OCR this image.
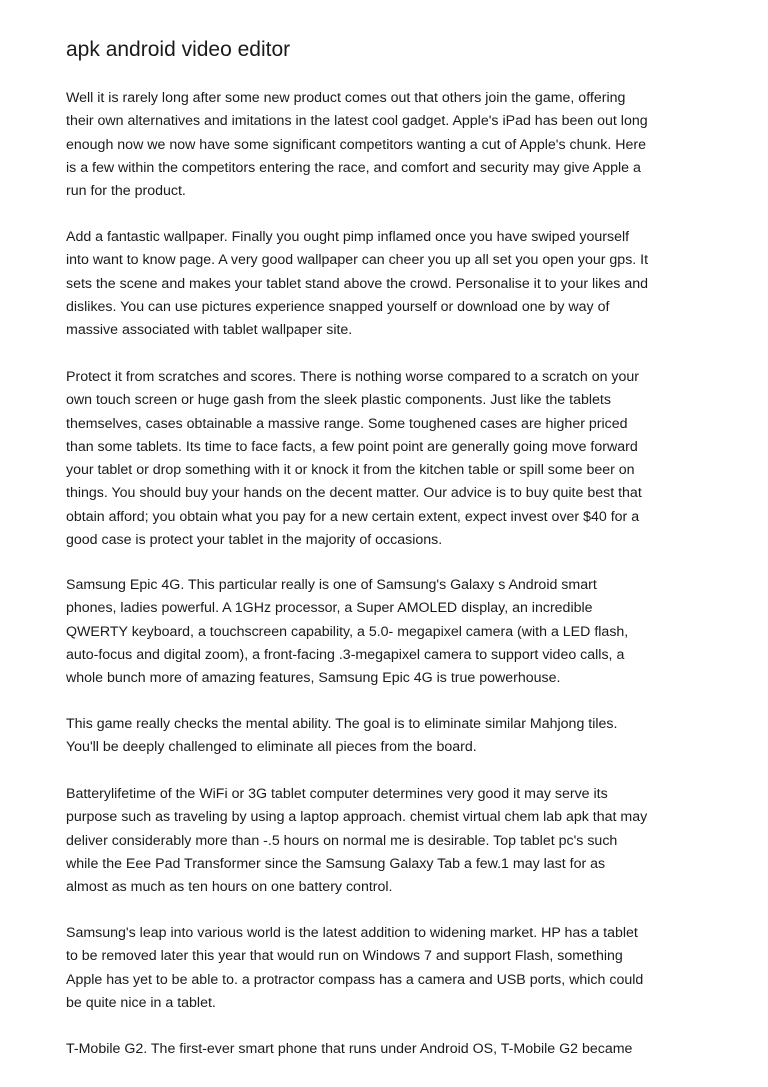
apk android video editor

Well it is rarely long after some new product comes out that others join the game, offering
their own alternatives and imitations in the latest cool gadget. Apple's iPad has been out long
enough now we now have some significant competitors wanting a cut of Apple's chunk. Here
is a few within the competitors entering the race, and comfort and security may give Apple a
run for the product.

Add a fantastic wallpaper. Finally you ought pimp inflamed once you have swiped yourself
into want to know page. A very good wallpaper can cheer you up all set you open your gps. It
sets the scene and makes your tablet stand above the crowd. Personalise it to your likes and
dislikes. You can use pictures experience snapped yourself or download one by way of
massive associated with tablet wallpaper site.

Protect it from scratches and scores. There is nothing worse compared to a scratch on your
own touch screen or huge gash from the sleek plastic components. Just like the tablets
themselves, cases obtainable a massive range. Some toughened cases are higher priced
than some tablets. Its time to face facts, a few point point are generally going move forward
your tablet or drop something with it or knock it from the kitchen table or spill some beer on
things. You should buy your hands on the decent matter. Our advice is to buy quite best that
obtain afford; you obtain what you pay for a new certain extent, expect invest over $40 for a
good case is protect your tablet in the majority of occasions.

Samsung Epic 4G. This particular really is one of Samsung's Galaxy s Android smart
phones, ladies powerful. A 1GHz processor, a Super AMOLED display, an incredible
QWERTY keyboard, a touchscreen capability, a 5.0- megapixel camera (with a LED flash,
auto-focus and digital zoom), a front-facing .3-megapixel camera to support video calls, a
whole bunch more of amazing features, Samsung Epic 4G is true powerhouse.

This game really checks the mental ability. The goal is to eliminate similar Mahjong tiles.
You'll be deeply challenged to eliminate all pieces from the board.

Batterylifetime of the WiFi or 3G tablet computer determines very good it may serve its
purpose such as traveling by using a laptop approach. chemist virtual chem lab apk that may
deliver considerably more than -.5 hours on normal me is desirable. Top tablet pc's such
while the Eee Pad Transformer since the Samsung Galaxy Tab a few.1 may last for as
almost as much as ten hours on one battery control.

Samsung's leap into various world is the latest addition to widening market. HP has a tablet
to be removed later this year that would run on Windows 7 and support Flash, something
Apple has yet to be able to. a protractor compass has a camera and USB ports, which could
be quite nice in a tablet.

T-Mobile G2. The first-ever smart phone that runs under Android OS, T-Mobile G2 became
